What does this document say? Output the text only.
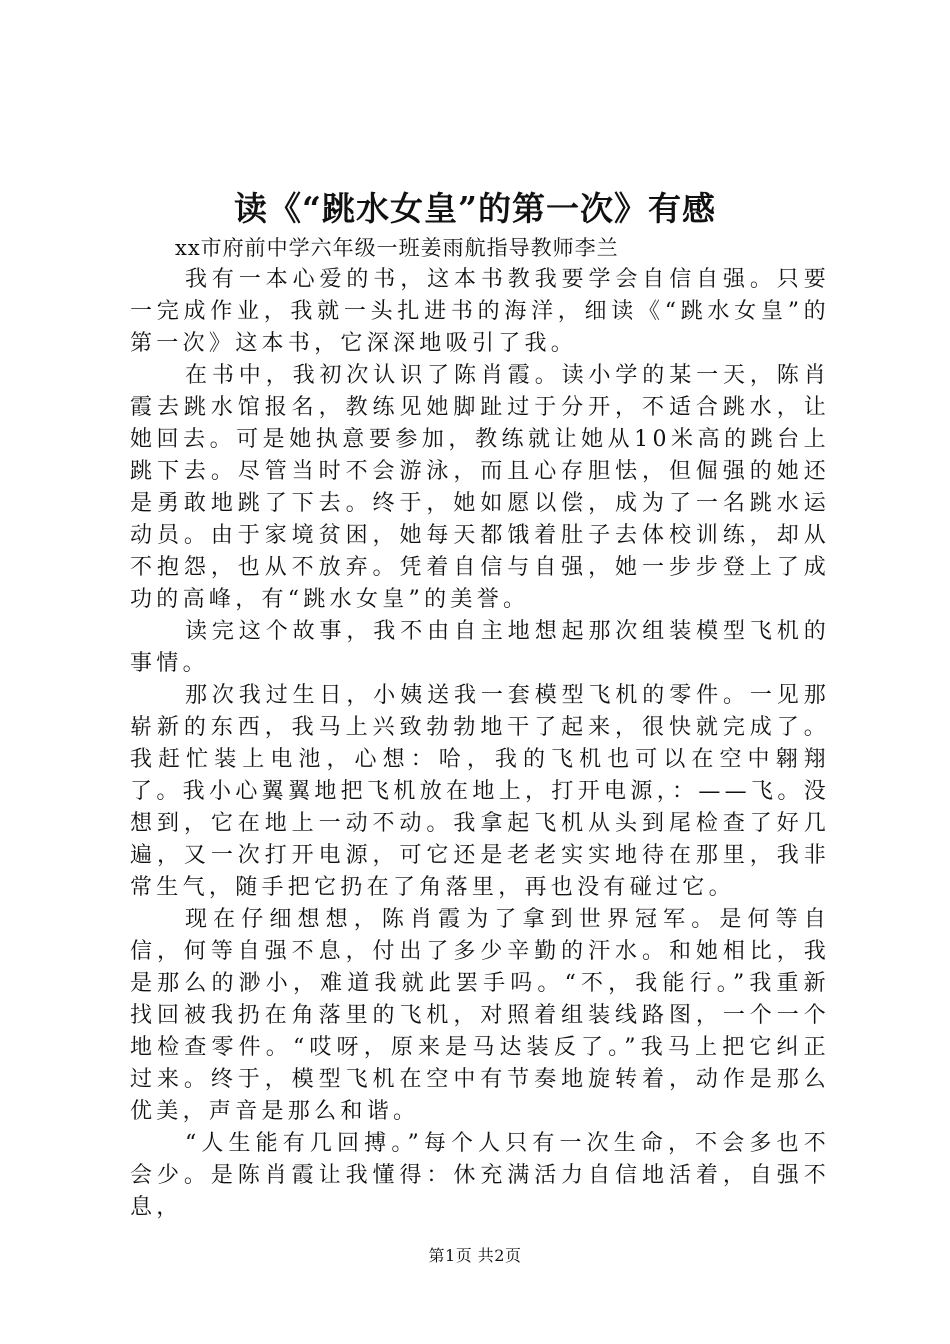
读《“跳水女皇”的第一次》有感

xx市府前中学六年级一班姜雨航指导教师李兰

我有一本心爱的书，这本书教我要学会自信自强。只要一完成作业，我就一头扎进书的海洋，细读《“跳水女皇”的第一次》这本书，它深深地吸引了我。

在书中，我初次认识了陈肖霞。读小学的某一天，陈肖霞去跳水馆报名，教练见她脚趾过于分开，不适合跳水，让她回去。可是她执意要参加，教练就让她从10米高的跳台上跳下去。尽管当时不会游泳，而且心存胆怯，但倔强的她还是勇敢地跳了下去。终于，她如愿以偿，成为了一名跳水运动员。由于家境贫困，她每天都饿着肚子去体校训练，却从不抱怨，也从不放弃。凭着自信与自强，她一步步登上了成功的高峰，有“跳水女皇”的美誉。

读完这个故事，我不由自主地想起那次组装模型飞机的事情。

那次我过生日，小姨送我一套模型飞机的零件。一见那崭新的东西，我马上兴致勃勃地干了起来，很快就完成了。我赶忙装上电池，心想：哈，我的飞机也可以在空中翱翔了。我小心翼翼地把飞机放在地上，打开电源，：——飞。没想到，它在地上一动不动。我拿起飞机从头到尾检查了好几遍，又一次打开电源，可它还是老老实实地待在那里，我非常生气，随手把它扔在了角落里，再也没有碰过它。

现在仔细想想，陈肖霞为了拿到世界冠军。是何等自信，何等自强不息，付出了多少辛勤的汗水。和她相比，我是那么的渺小，难道我就此罢手吗。“不，我能行。”我重新找回被我扔在角落里的飞机，对照着组装线路图，一个一个地检查零件。“哎呀，原来是马达装反了。”我马上把它纠正过来。终于，模型飞机在空中有节奏地旋转着，动作是那么优美，声音是那么和谐。

“人生能有几回搏。”每个人只有一次生命，不会多也不会少。是陈肖霞让我懂得：休充满活力自信地活着，自强不息，

第1页 共2页
